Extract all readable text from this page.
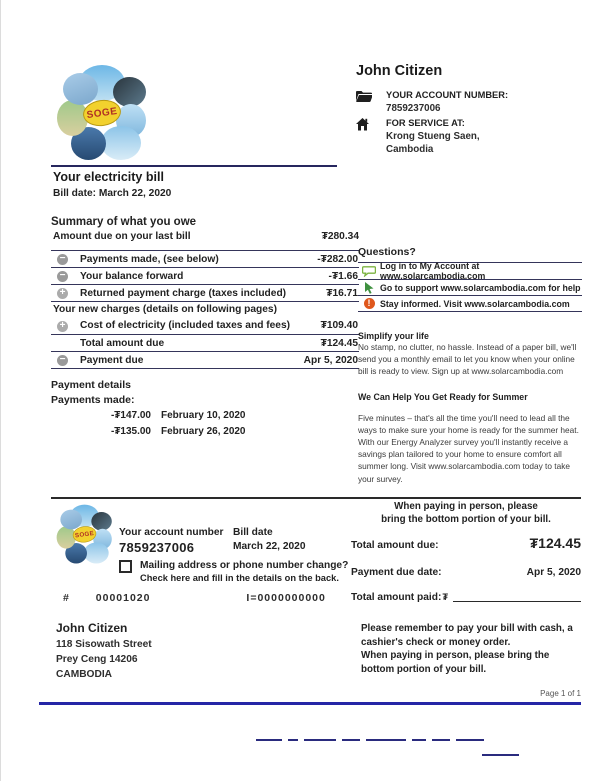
SOGE
John Citizen
YOUR ACCOUNT NUMBER:
7859237006
FOR SERVICE AT:
Krong Stueng Saen,
Cambodia
Your electricity bill
Bill date: March 22, 2020
Summary of what you owe
Amount due on your last bill	₮280.34
−
Payments made, (see below)	-₮282.00
−
Your balance forward	-₮1.66
+
Returned payment charge (taxes included)	₮16.71
Your new charges (details on following pages)
+
Cost of electricity (included taxes and fees)	₮109.40
Total amount due	₮124.45
−
Payment due	Apr 5, 2020
Payment details
Payments made:
-₮147.00 February 10, 2020
-₮135.00 February 26, 2020
Questions?
Log in to My Account at www.solarcambodia.com
Go to support www.solarcambodia.com for help
!
Stay informed. Visit www.solarcambodia.com
Simplify your life
No stamp, no clutter, no hassle. Instead of a paper bill, we'll send you a monthly email to let you know when your online bill is ready to view. Sign up at www.solarcambodia.com
We Can Help You Get Ready for Summer
Five minutes – that's all the time you'll need to lead all the ways to make sure your home is ready for the summer heat. With our Energy Analyzer survey you'll instantly receive a savings plan tailored to your home to ensure comfort all summer long. Visit www.solarcambodia.com today to take your survey.
SOGE Your account number
7859237006
Bill date
March 22, 2020
Mailing address or phone number change?
Check here and fill in the details on the back.
# 00001020	I=0000000000
When paying in person, please
bring the bottom portion of your bill.
Total amount due:	₮124.45
Payment due date:	Apr 5, 2020
Total amount paid: ₮
John Citizen
118 Sisowath Street
Prey Ceng 14206
CAMBODIA
Please remember to pay your bill with cash, a
cashier's check or money order.
When paying in person, please bring the
bottom portion of your bill.
Page 1 of 1
